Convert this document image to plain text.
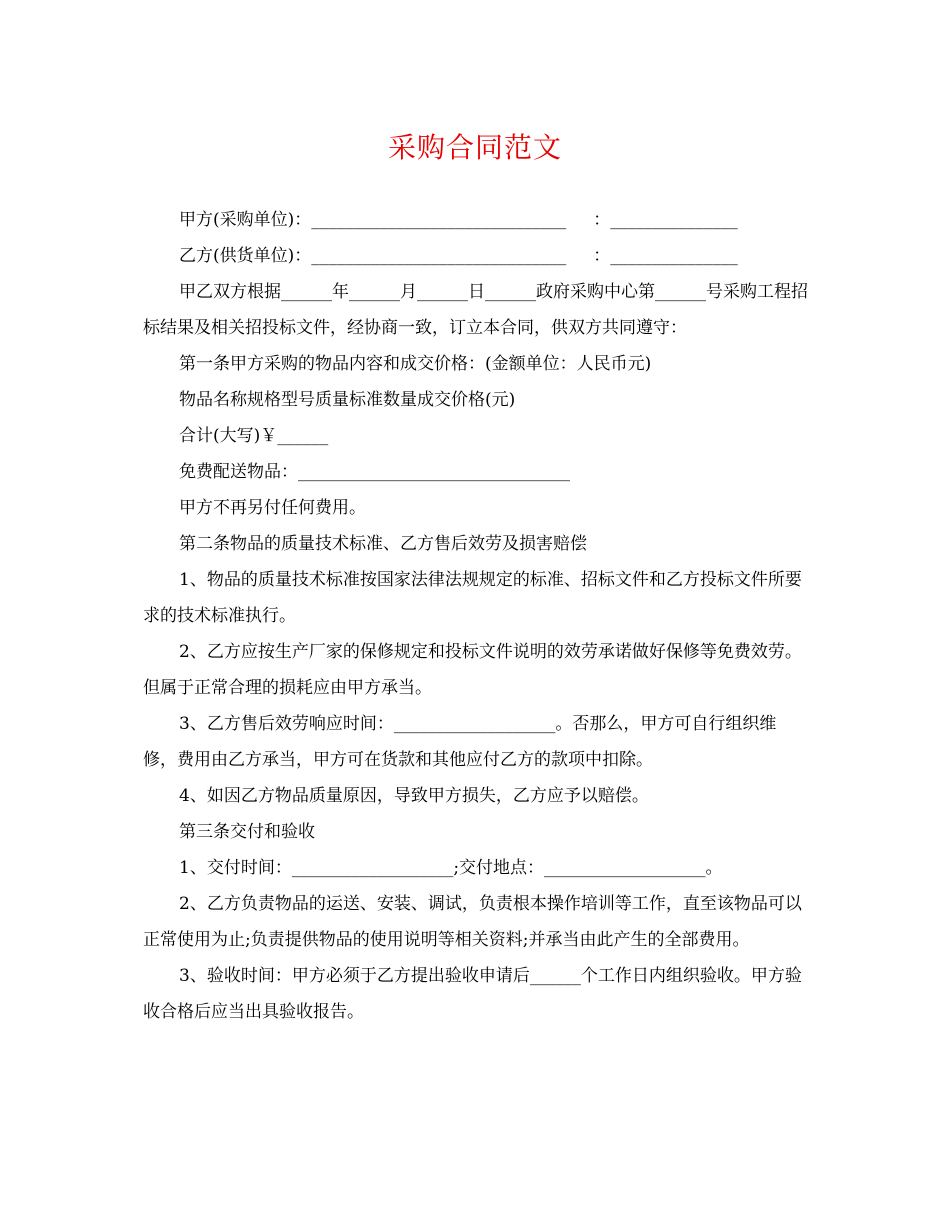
采购合同范文

甲方(采购单位)：______________________________     ：_______________

乙方(供货单位)：______________________________     ：_______________

甲乙双方根据______年______月______日______政府采购中心第______号采购工程招标结果及相关招投标文件，经协商一致，订立本合同，供双方共同遵守：

第一条甲方采购的物品内容和成交价格：(金额单位：人民币元)

物品名称规格型号质量标准数量成交价格(元)

合计(大写)￥______

免费配送物品：________________________________

甲方不再另付任何费用。

第二条物品的质量技术标准、乙方售后效劳及损害赔偿

1、物品的质量技术标准按国家法律法规规定的标准、招标文件和乙方投标文件所要求的技术标准执行。

2、乙方应按生产厂家的保修规定和投标文件说明的效劳承诺做好保修等免费效劳。但属于正常合理的损耗应由甲方承当。

3、乙方售后效劳响应时间：___________________。否那么，甲方可自行组织维修，费用由乙方承当，甲方可在货款和其他应付乙方的款项中扣除。

4、如因乙方物品质量原因，导致甲方损失，乙方应予以赔偿。

第三条交付和验收

1、交付时间：___________________;交付地点：___________________。

2、乙方负责物品的运送、安装、调试，负责根本操作培训等工作，直至该物品可以正常使用为止;负责提供物品的使用说明等相关资料;并承当由此产生的全部费用。

3、验收时间：甲方必须于乙方提出验收申请后______个工作日内组织验收。甲方验收合格后应当出具验收报告。
